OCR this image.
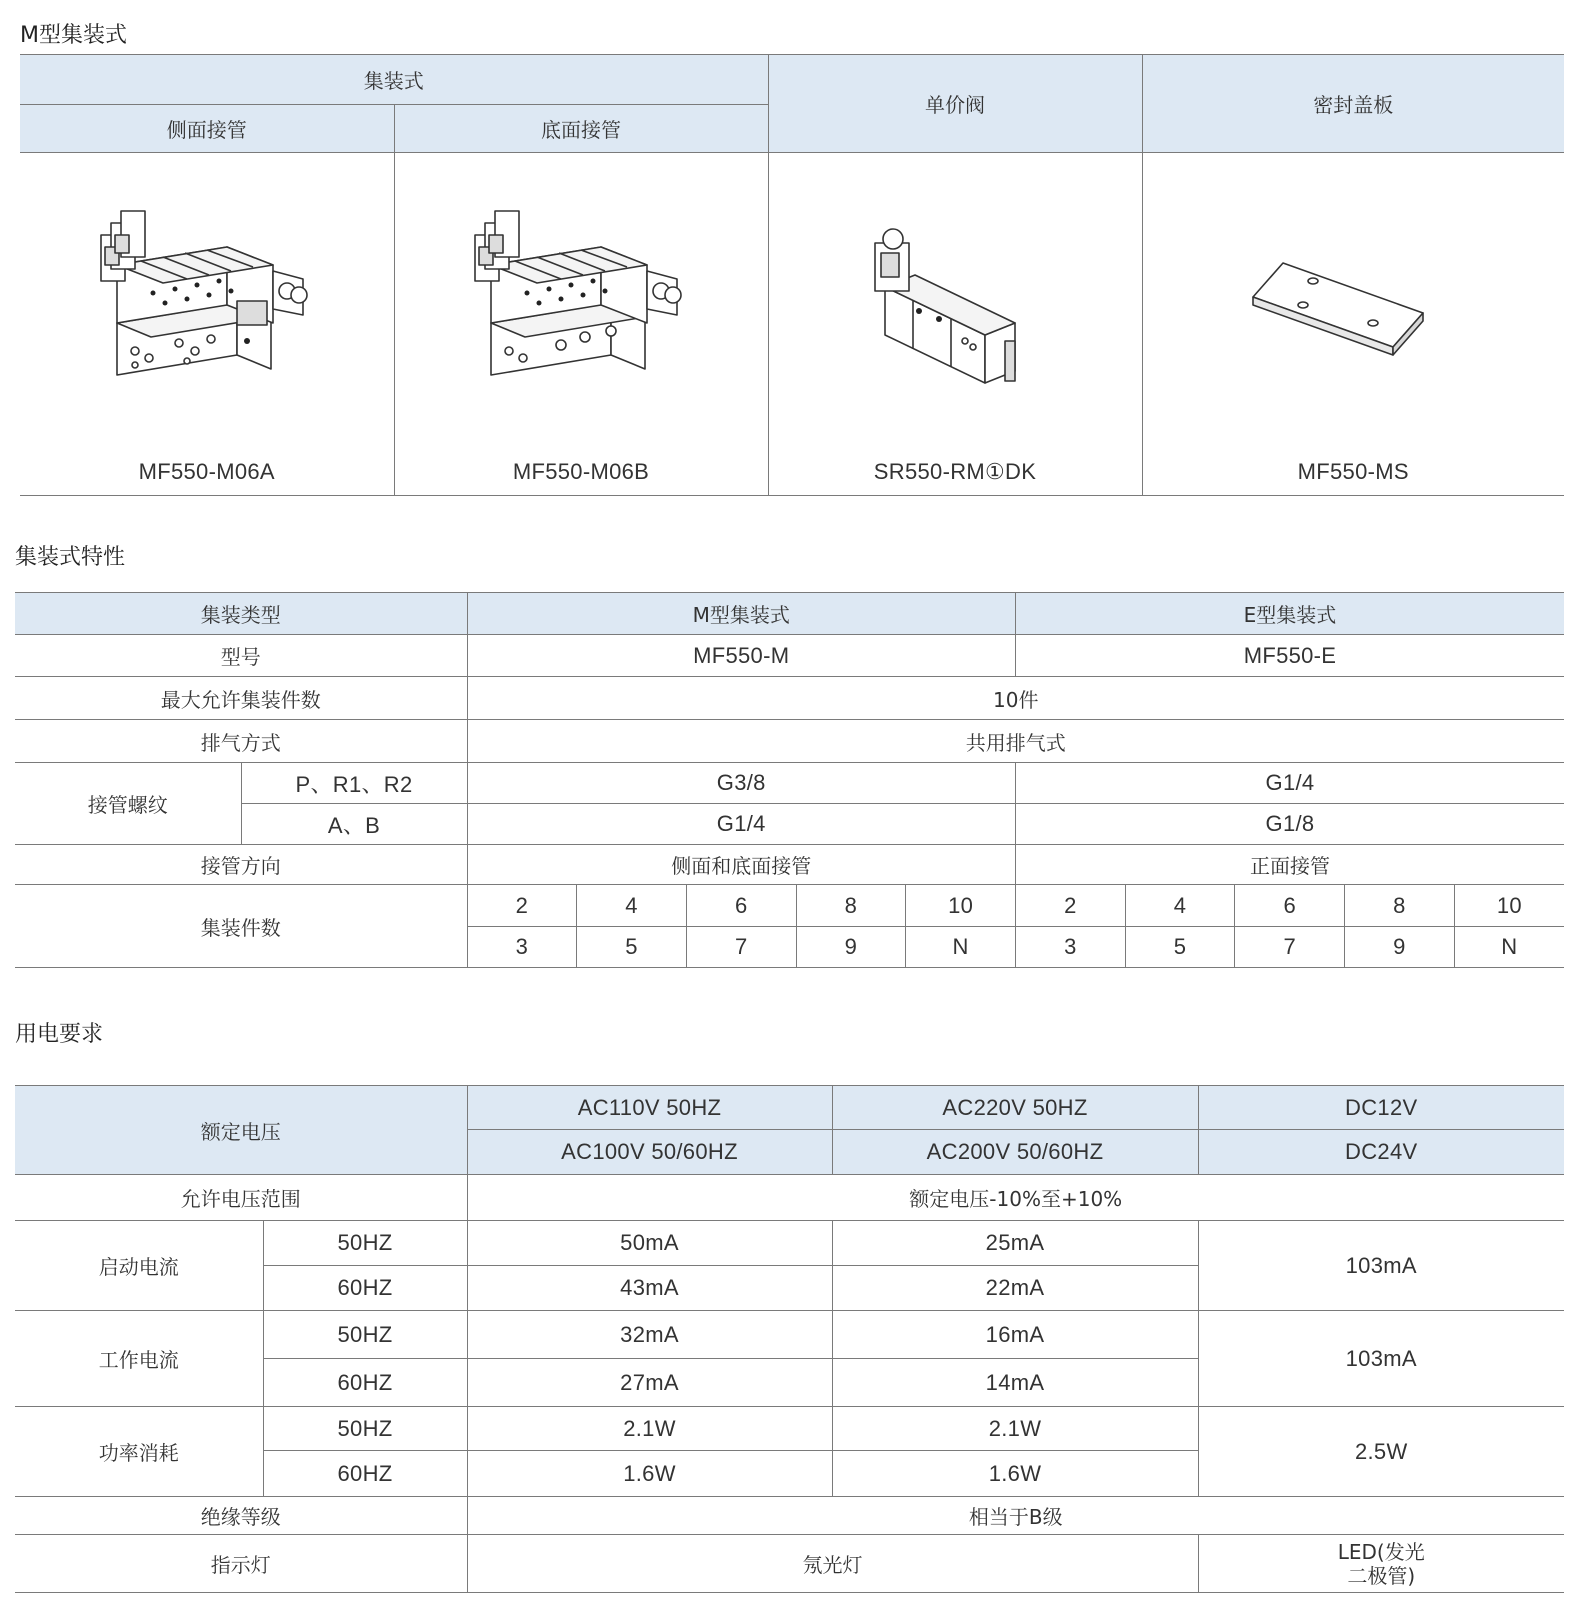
M型集装式
集装式		单价阀	密封盖板
侧面接管	底面接管		

MF550-M06A	MF550-M06B	SR550-RM①DK	MF550-MS
集装式特性
集装类型		M型集装式					E型集装式				
型号		MF550-M					MF550-E				
最大允许集装件数		10件									
排气方式		共用排气式									
接管螺纹	P、R1、R2	G3/8					G1/4				
	A、B	G1/4					G1/8				
接管方向		侧面和底面接管					正面接管				
集装件数		2	4	6	8	10	2	4	6	8	10
		3	5	7	9	N	3	5	7	9	N
用电要求
额定电压		AC110V 50HZ	AC220V 50HZ	DC12V
		AC100V 50/60HZ	AC200V 50/60HZ	DC24V
允许电压范围		额定电压-10%至+10%		
启动电流	50HZ	50mA	25mA	103mA
	60HZ	43mA	22mA	
工作电流	50HZ	32mA	16mA	103mA
	60HZ	27mA	14mA	
功率消耗	50HZ	2.1W	2.1W	2.5W
	60HZ	1.6W	1.6W	
绝缘等级		相当于B级		
指示灯		氖光灯		LED(发光
二极管)
